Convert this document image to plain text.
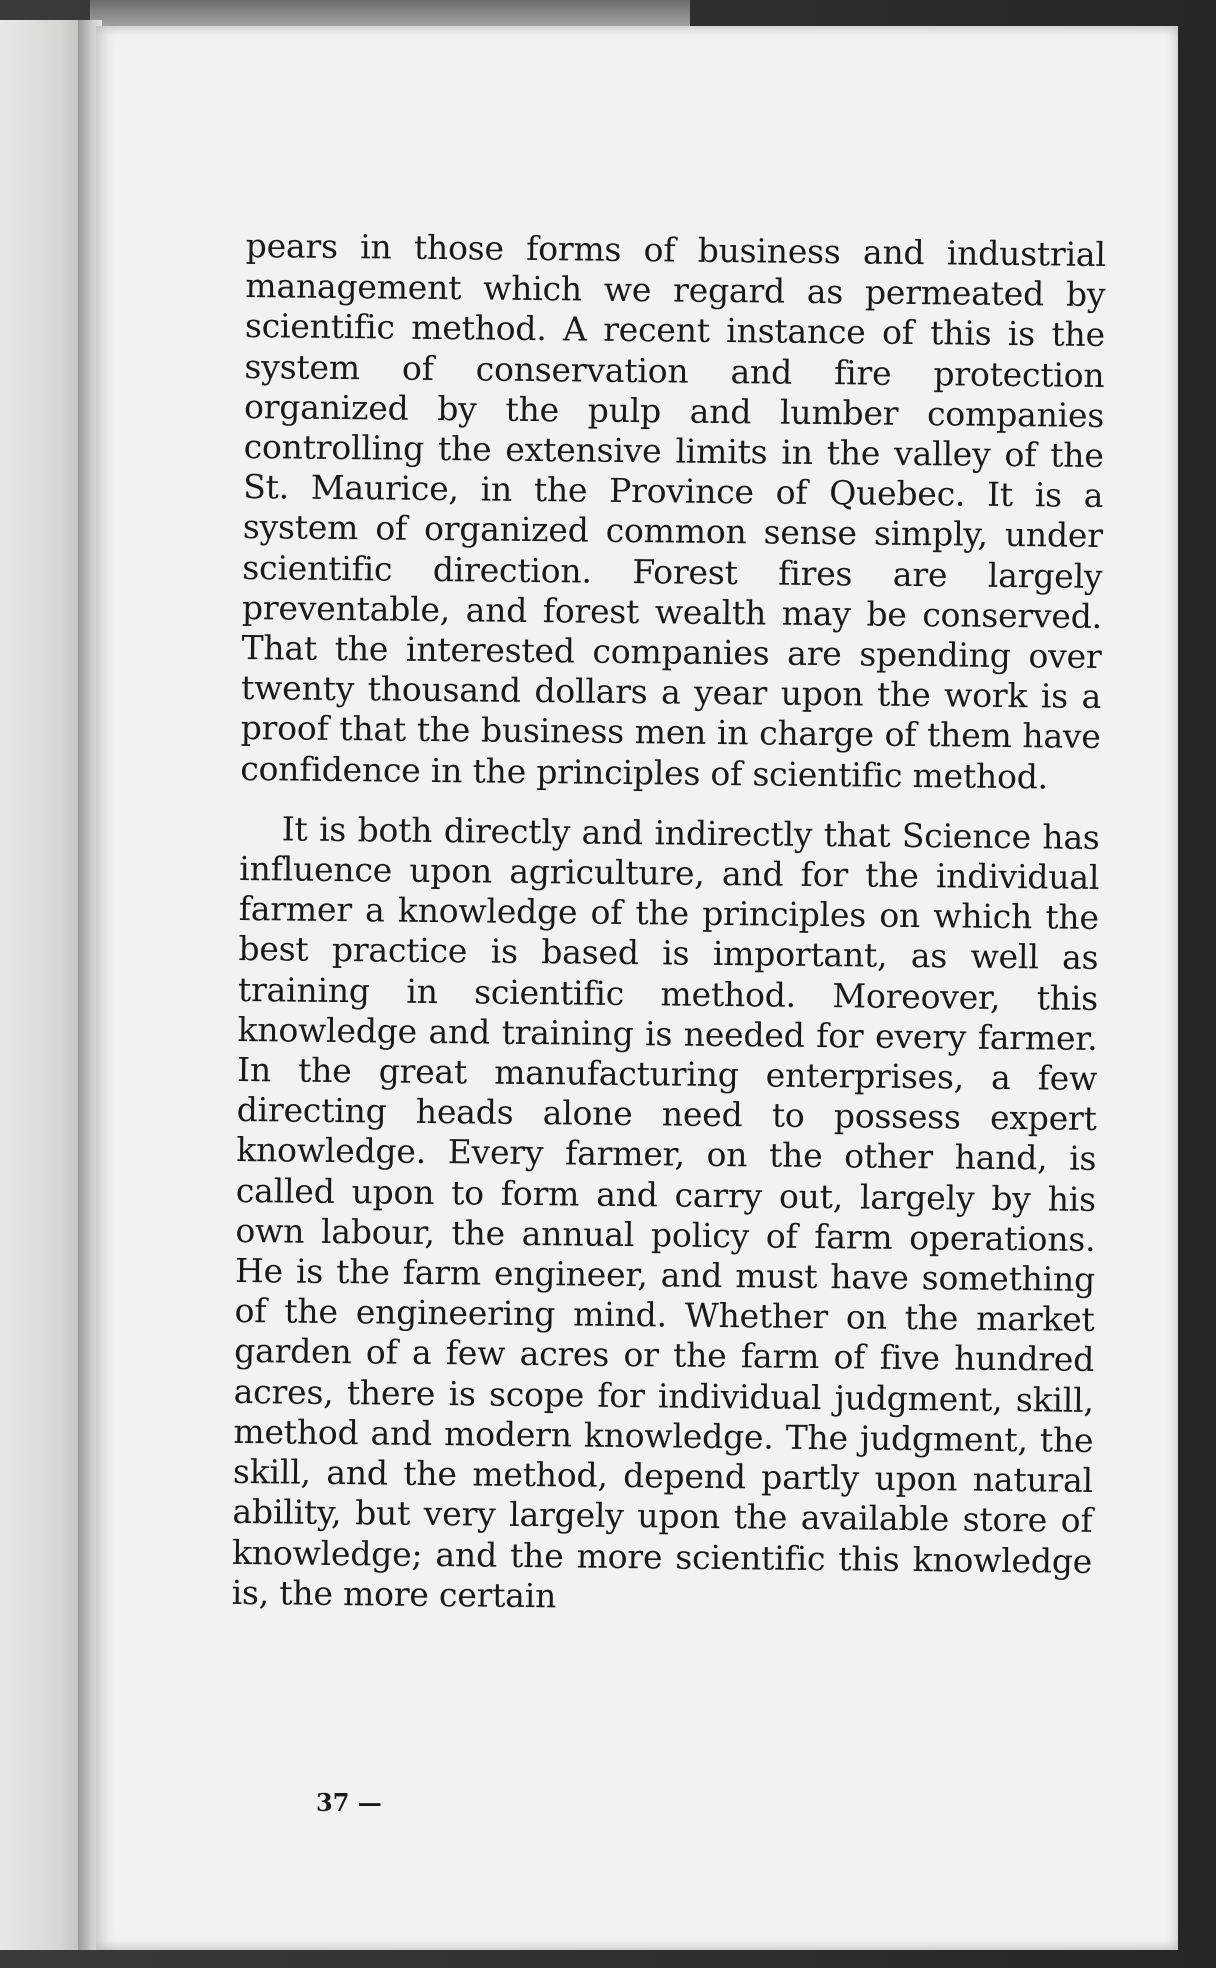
pears in those forms of business and industrial management which we regard as permeated by scientific method. A recent instance of this is the system of conservation and fire protection organized by the pulp and lumber companies controlling the extensive limits in the valley of the St. Maurice, in the Province of Quebec. It is a system of organized common sense simply, under scientific direction. Forest fires are largely preventable, and forest wealth may be conserved. That the interested companies are spending over twenty thousand dollars a year upon the work is a proof that the business men in charge of them have confidence in the principles of scientific method.

It is both directly and indirectly that Science has influence upon agriculture, and for the individual farmer a knowledge of the principles on which the best practice is based is important, as well as training in scientific method. Moreover, this knowledge and training is needed for every farmer. In the great manufacturing enterprises, a few directing heads alone need to possess expert knowledge. Every farmer, on the other hand, is called upon to form and carry out, largely by his own labour, the annual policy of farm operations. He is the farm engineer, and must have something of the engineering mind. Whether on the market garden of a few acres or the farm of five hundred acres, there is scope for individual judgment, skill, method and modern knowledge. The judgment, the skill, and the method, depend partly upon natural ability, but very largely upon the available store of knowledge; and the more scientific this knowledge is, the more certain

37 —
